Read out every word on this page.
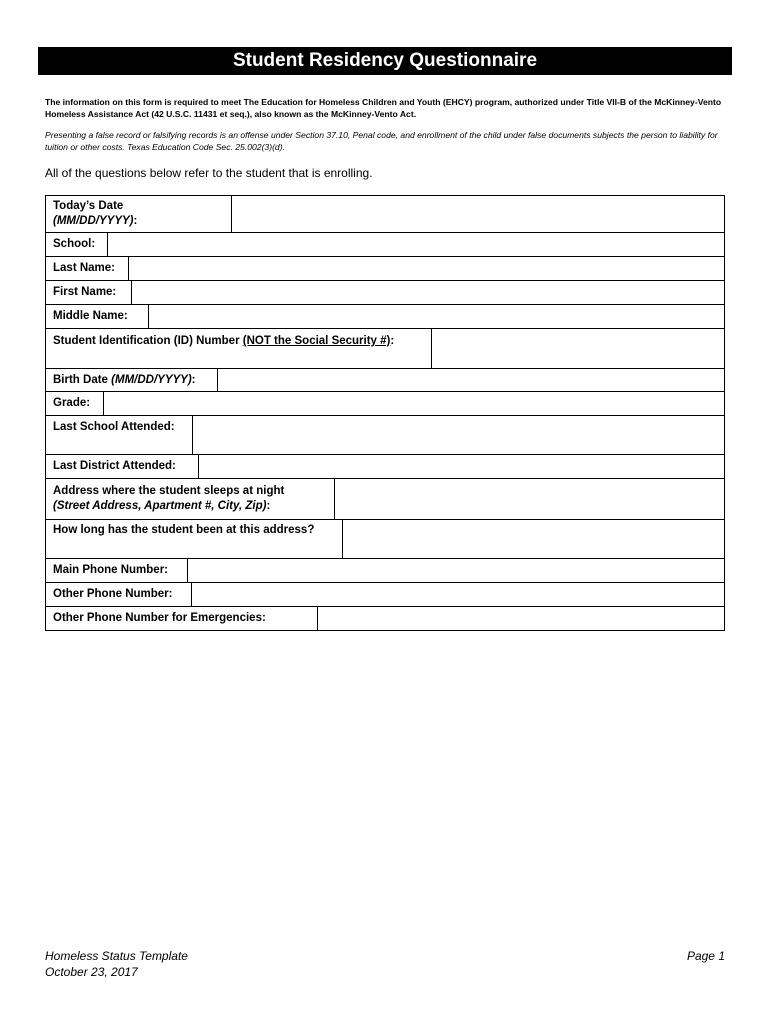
Student Residency Questionnaire

The information on this form is required to meet The Education for Homeless Children and Youth (EHCY) program, authorized under Title VII-B of the McKinney-Vento Homeless Assistance Act (42 U.S.C. 11431 et seq.), also known as the McKinney-Vento Act.

Presenting a false record or falsifying records is an offense under Section 37.10, Penal code, and enrollment of the child under false documents subjects the person to liability for tuition or other costs. Texas Education Code Sec. 25.002(3)(d).

All of the questions below refer to the student that is enrolling.

Today’s Date
(MM/DD/YYYY):
School:
Last Name:
First Name:
Middle Name:
Student Identification (ID) Number (NOT the Social Security #):
Birth Date (MM/DD/YYYY):
Grade:
Last School Attended:
Last District Attended:
Address where the student sleeps at night
(Street Address, Apartment #, City, Zip):
How long has the student been at this address?
Main Phone Number:
Other Phone Number:
Other Phone Number for Emergencies:
Homeless Status Template
October 23, 2017
Page 1
